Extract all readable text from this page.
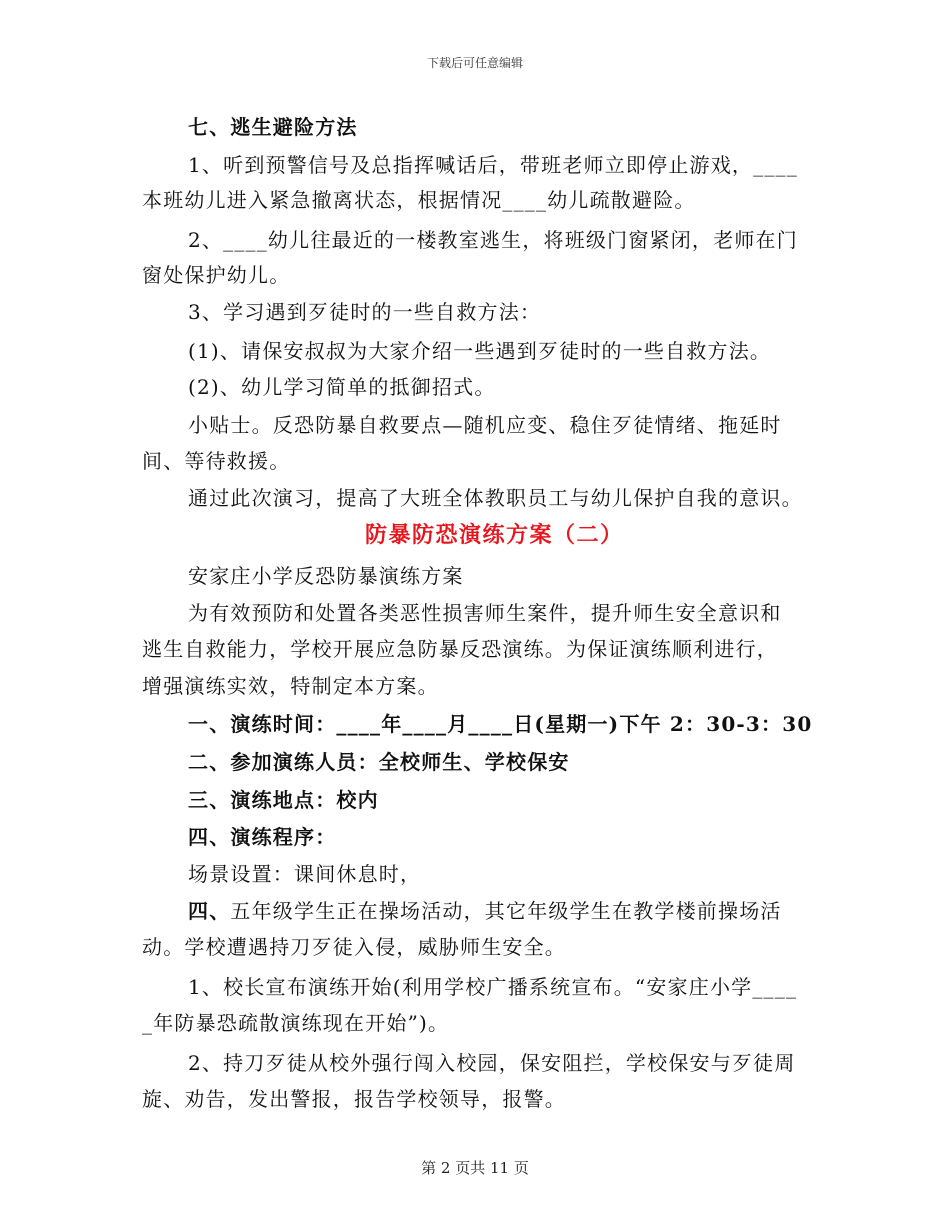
下载后可任意编辑
七、逃生避险方法
1、听到预警信号及总指挥喊话后，带班老师立即停止游戏，____
本班幼儿进入紧急撤离状态，根据情况____幼儿疏散避险。
2、____幼儿往最近的一楼教室逃生，将班级门窗紧闭，老师在门
窗处保护幼儿。
3、学习遇到歹徒时的一些自救方法：
(1)、请保安叔叔为大家介绍一些遇到歹徒时的一些自救方法。
(2)、幼儿学习简单的抵御招式。
小贴士。反恐防暴自救要点—随机应变、稳住歹徒情绪、拖延时
间、等待救援。
通过此次演习，提高了大班全体教职员工与幼儿保护自我的意识。
防暴防恐演练方案（二）
安家庄小学反恐防暴演练方案
为有效预防和处置各类恶性损害师生案件，提升师生安全意识和
逃生自救能力，学校开展应急防暴反恐演练。为保证演练顺利进行，
增强演练实效，特制定本方案。
一、演练时间：____年____月____日(星期一)下午 2：30-3：30
二、参加演练人员：全校师生、学校保安
三、演练地点：校内
四、演练程序：
场景设置：课间休息时，
四、五年级学生正在操场活动，其它年级学生在教学楼前操场活
动。学校遭遇持刀歹徒入侵，威胁师生安全。
1、校长宣布演练开始(利用学校广播系统宣布。“安家庄小学____
_年防暴恐疏散演练现在开始”)。
2、持刀歹徒从校外强行闯入校园，保安阻拦，学校保安与歹徒周
旋、劝告，发出警报，报告学校领导，报警。
第 2 页共 11 页
